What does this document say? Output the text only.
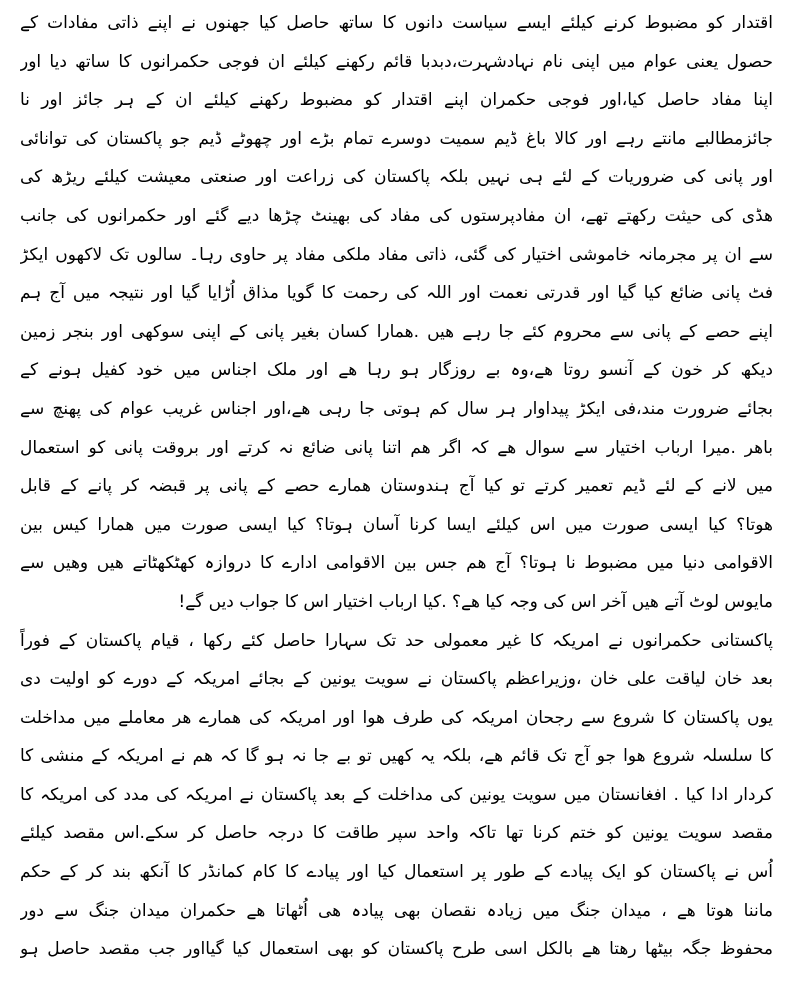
اقتدار کو مضبوط کرنے کیلئے ایسے سیاست دانوں کا ساتھ حاصل کیا جھنوں نے اپنے ذاتی مفادات کے
حصول یعنی عوام میں اپنی نام نہادشہرت،دبدبا قائم رکھنے کیلئے ان فوجی حکمرانوں کا ساتھ دیا اور
اپنا مفاد حاصل کیا،اور فوجی حکمران اپنے اقتدار کو مضبوط رکھنے کیلئے ان کے ہر جائز اور نا
جائزمطالبے مانتے رہے اور کالا باغ ڈیم سمیت دوسرے تمام بڑے اور چھوٹے ڈیم جو پاکستان کی توانائی
اور پانی کی ضروریات کے لئے ہی نہیں بلکہ پاکستان کی زراعت اور صنعتی معیشت کیلئے ریڑھ کی
ھڈی کی حیثت رکھتے تھے، ان مفادپرستوں کی مفاد کی بھینٹ چڑھا دیے گئے اور حکمرانوں کی جانب
سے ان پر مجرمانہ خاموشی اختیار کی گئی، ذاتی مفاد ملکی مفاد پر حاوی رہا۔ سالوں تک لاکھوں ایکڑ
فٹ پانی ضائع کیا گیا اور قدرتی نعمت اور اللہ کی رحمت کا گویا مذاق اُڑایا گیا اور نتیجہ میں آج ہم
اپنے حصے کے پانی سے محروم کئے جا رہے ھیں .ھمارا کسان بغیر پانی کے اپنی سوکھی اور بنجر زمین
دیکھ کر خون کے آنسو روتا ھے،وہ بے روزگار ہو رہا ھے اور ملک اجناس میں خود کفیل ہونے کے
بجائے ضرورت مند،فی ایکڑ پیداوار ہر سال کم ہوتی جا رہی ھے،اور اجناس غریب عوام کی پھنچ سے
باھر .میرا ارباب اختیار سے سوال ھے کہ اگر ھم اتنا پانی ضائع نہ کرتے اور بروقت پانی کو استعمال
میں لانے کے لئے ڈیم تعمیر کرتے تو کیا آج ہندوستان ھمارے حصے کے پانی پر قبضہ کر پانے کے قابل
ھوتا؟ کیا ایسی صورت میں اس کیلئے ایسا کرنا آسان ہوتا؟ کیا ایسی صورت میں ھمارا کیس بین
الاقوامی دنیا میں مضبوط نا ہوتا؟ آج ھم جس بین الاقوامی ادارے کا دروازہ کھٹکھٹاتے ھیں وھیں سے
مایوس لوٹ آتے ھیں آخر اس کی وجہ کیا ھے؟ .کیا ارباب اختیار اس کا جواب دیں گے!
پاکستانی حکمرانوں نے امریکہ کا غیر معمولی حد تک سہارا حاصل کئے رکھا ، قیام پاکستان کے فوراً
بعد خان لیاقت علی خان ،وزیراعظم پاکستان نے سویت یونین کے بجائے امریکہ کے دورے کو اولیت دی
یوں پاکستان کا شروع سے رجحان امریکہ کی طرف ھوا اور امریکہ کی ھمارے ھر معاملے میں مداخلت
کا سلسلہ شروع ھوا جو آج تک قائم ھے، بلکہ یہ کھیں تو بے جا نہ ہو گا کہ ھم نے امریکہ کے منشی کا
کردار ادا کیا . افغانستان میں سویت یونین کی مداخلت کے بعد پاکستان نے امریکہ کی مدد کی امریکہ کا
مقصد سویت یونین کو ختم کرنا تھا تاکہ واحد سپر طاقت کا درجہ حاصل کر سکے.اس مقصد کیلئے
اُس نے پاکستان کو ایک پیادے کے طور پر استعمال کیا اور پیادے کا کام کمانڈر کا آنکھ بند کر کے حکم
ماننا ھوتا ھے ، میدان جنگ میں زیادہ نقصان بھی پیادہ ھی اُٹھاتا ھے حکمران میدان جنگ سے دور
محفوظ جگہ بیٹھا رھتا ھے بالکل اسی طرح پاکستان کو بھی استعمال کیا گیااور جب مقصد حاصل ہو
